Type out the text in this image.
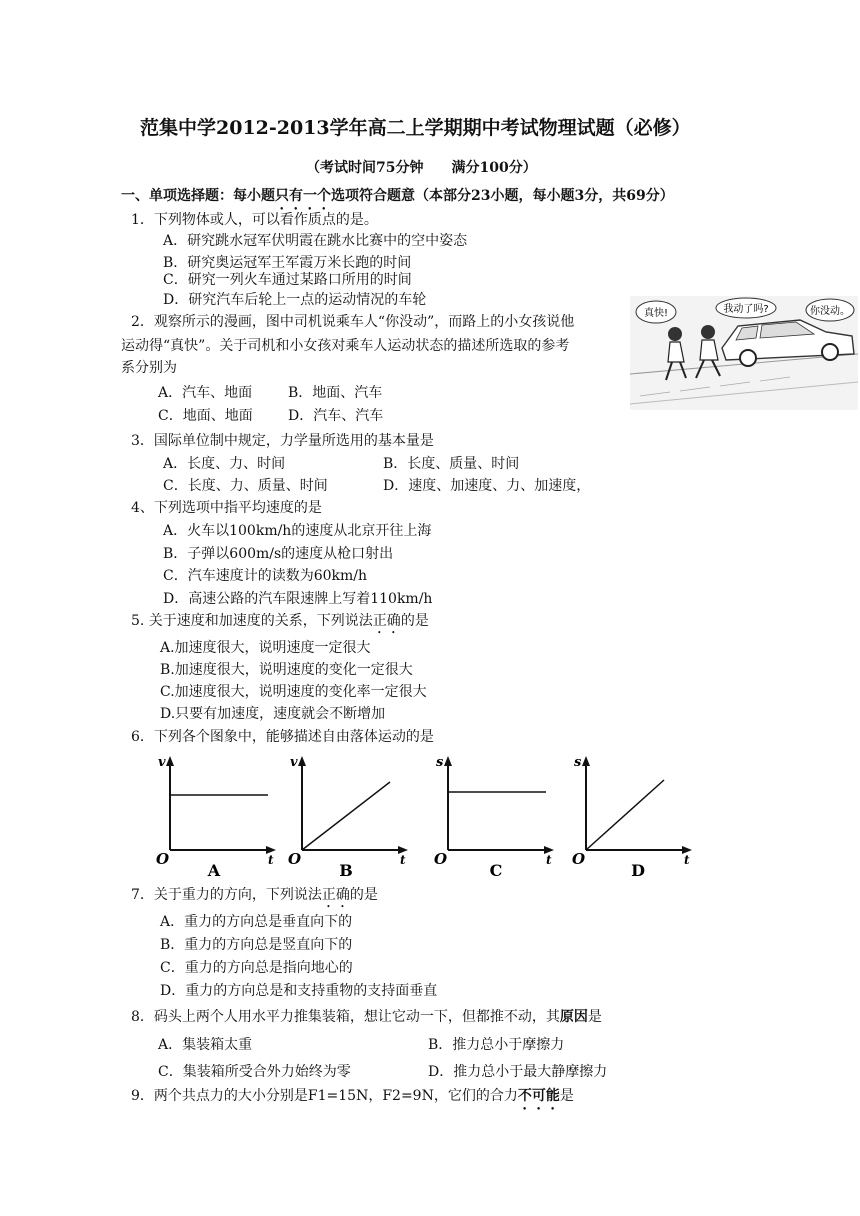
范集中学2012-2013学年高二上学期期中考试物理试题（必修）
（考试时间75分钟　　满分100分）
一、单项选择题：每小题只有一个选项符合题意（本部分23小题，每小题3分，共69分）
1．下列物体或人，可以看作质点的是。
A．研究跳水冠军伏明霞在跳水比赛中的空中姿态
B．研究奥运冠军王军霞万米长跑的时间
C．研究一列火车通过某路口所用的时间
D．研究汽车后轮上一点的运动情况的车轮
2．观察所示的漫画，图中司机说乘车人“你没动”，而路上的小女孩说他
运动得“真快”。关于司机和小女孩对乘车人运动状态的描述所选取的参考
系分别为
A．汽车、地面	B．地面、汽车
C．地面、地面	D．汽车、汽车
真快!	我动了吗?	你没动。
3．国际单位制中规定，力学量所选用的基本量是
A．长度、力、时间	B．长度、质量、时间
C．长度、力、质量、时间	D．速度、加速度、力、加速度，
4、下列选项中指平均速度的是
A．火车以100km/h的速度从北京开往上海
B．子弹以600m/s的速度从枪口射出
C．汽车速度计的读数为60km/h
D．高速公路的汽车限速牌上写着110km/h
5. 关于速度和加速度的关系，下列说法正确的是
A.加速度很大，说明速度一定很大
B.加速度很大，说明速度的变化一定很大
C.加速度很大，说明速度的变化率一定很大
D.只要有加速度，速度就会不断增加
6．下列各个图象中，能够描述自由落体运动的是
v
O	t
A
v
O	t
B
s
O	t
C
s
O	t
D
7．关于重力的方向，下列说法正确的是
A．重力的方向总是垂直向下的
B．重力的方向总是竖直向下的
C．重力的方向总是指向地心的
D．重力的方向总是和支持重物的支持面垂直
8．码头上两个人用水平力推集装箱，想让它动一下，但都推不动，其原因是
A．集装箱太重	B．推力总小于摩擦力
C．集装箱所受合外力始终为零	D．推力总小于最大静摩擦力
9．两个共点力的大小分别是F1=15N，F2=9N，它们的合力不可能是
